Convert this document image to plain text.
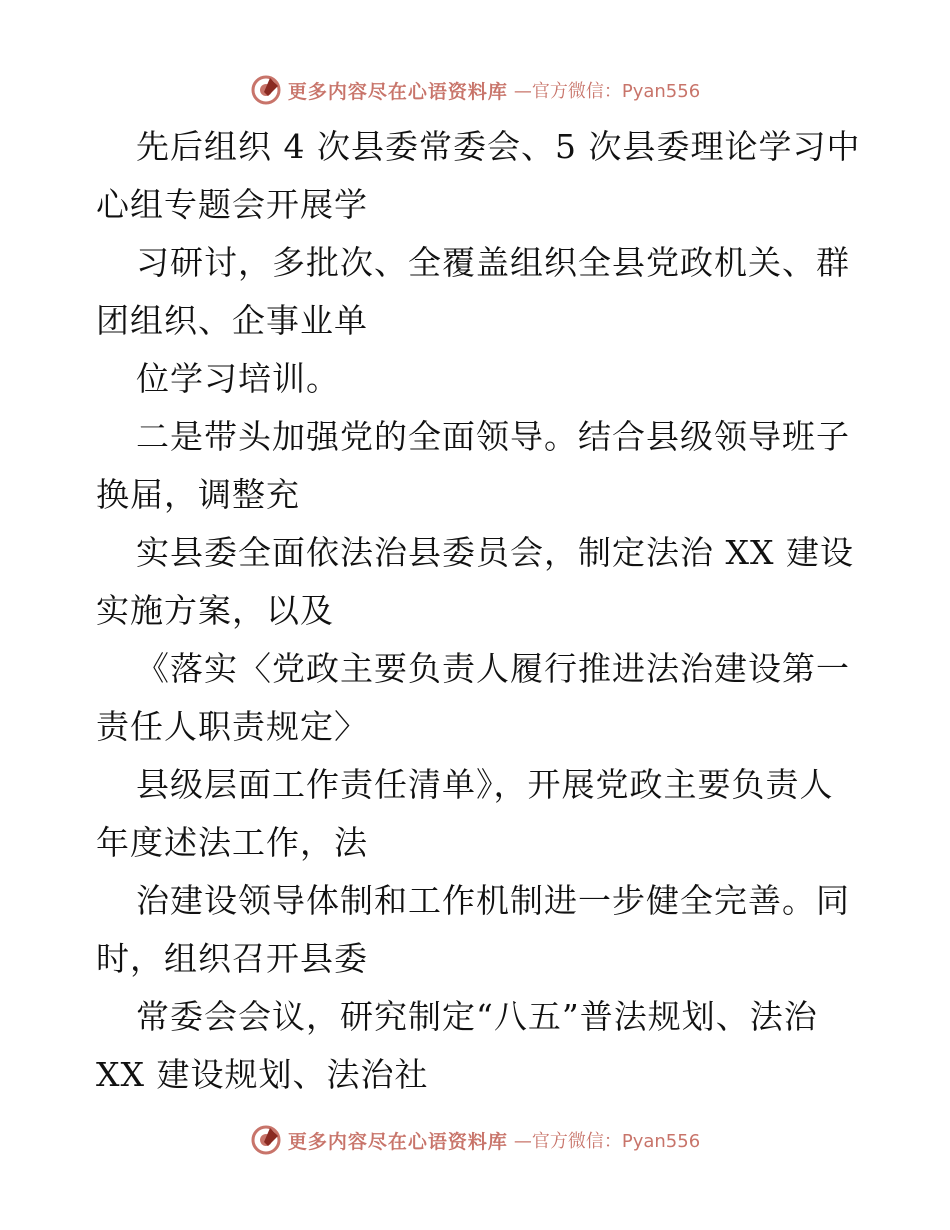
更多内容尽在心语资料库 —官方微信：Pyan556

先后组织 4 次县委常委会、5 次县委理论学习中

心组专题会开展学

习研讨，多批次、全覆盖组织全县党政机关、群

团组织、企事业单

位学习培训。

二是带头加强党的全面领导。结合县级领导班子

换届，调整充

实县委全面依法治县委员会，制定法治 XX 建设

实施方案，以及

《落实〈党政主要负责人履行推进法治建设第一

责任人职责规定〉

县级层面工作责任清单》，开展党政主要负责人

年度述法工作，法

治建设领导体制和工作机制进一步健全完善。同

时，组织召开县委

常委会会议，研究制定“八五”普法规划、法治

XX 建设规划、法治社

更多内容尽在心语资料库 —官方微信：Pyan556
